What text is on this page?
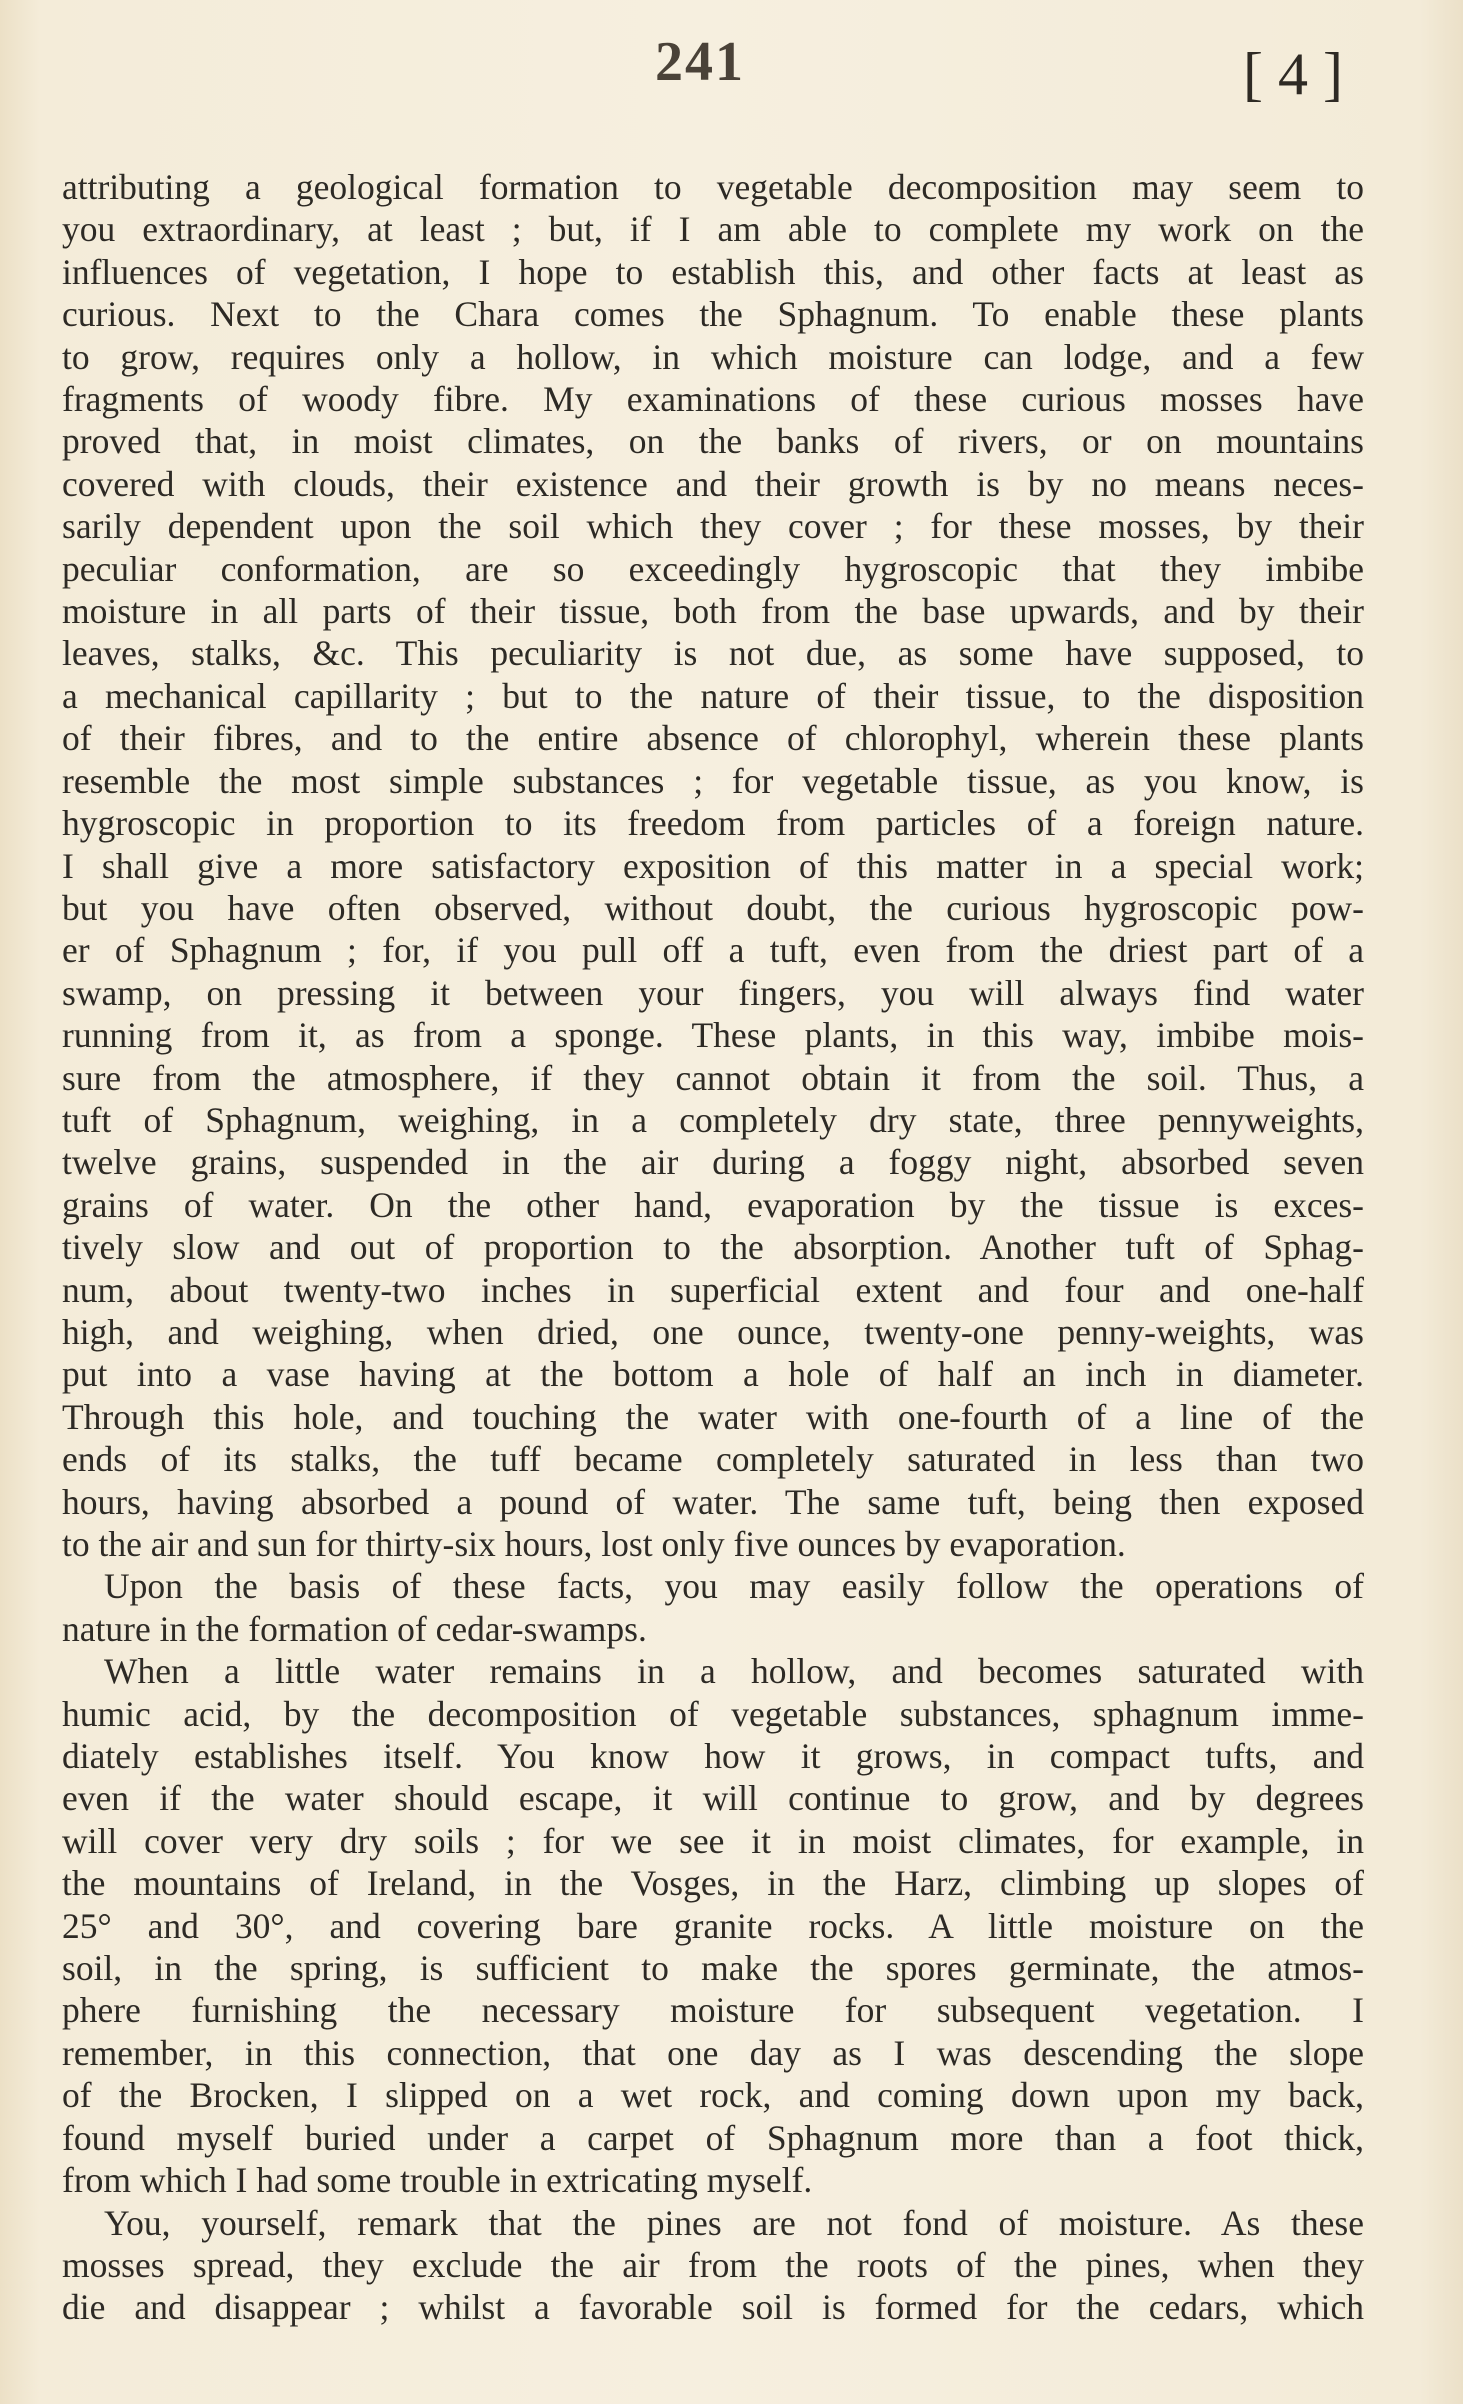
241	[ 4 ]
attributing a geological formation to vegetable decomposition may seem to
you extraordinary, at least ; but, if I am able to complete my work on the
influences of vegetation, I hope to establish this, and other facts at least as
curious. Next to the Chara comes the Sphagnum. To enable these plants
to grow, requires only a hollow, in which moisture can lodge, and a few
fragments of woody fibre. My examinations of these curious mosses have
proved that, in moist climates, on the banks of rivers, or on mountains
covered with clouds, their existence and their growth is by no means neces-
sarily dependent upon the soil which they cover ; for these mosses, by their
peculiar conformation, are so exceedingly hygroscopic that they imbibe
moisture in all parts of their tissue, both from the base upwards, and by their
leaves, stalks, &c. This peculiarity is not due, as some have supposed, to
a mechanical capillarity ; but to the nature of their tissue, to the disposition
of their fibres, and to the entire absence of chlorophyl, wherein these plants
resemble the most simple substances ; for vegetable tissue, as you know, is
hygroscopic in proportion to its freedom from particles of a foreign nature.
I shall give a more satisfactory exposition of this matter in a special work;
but you have often observed, without doubt, the curious hygroscopic pow-
er of Sphagnum ; for, if you pull off a tuft, even from the driest part of a
swamp, on pressing it between your fingers, you will always find water
running from it, as from a sponge. These plants, in this way, imbibe mois-
sure from the atmosphere, if they cannot obtain it from the soil. Thus, a
tuft of Sphagnum, weighing, in a completely dry state, three pennyweights,
twelve grains, suspended in the air during a foggy night, absorbed seven
grains of water. On the other hand, evaporation by the tissue is exces-
tively slow and out of proportion to the absorption. Another tuft of Sphag-
num, about twenty-two inches in superficial extent and four and one-half
high, and weighing, when dried, one ounce, twenty-one penny-weights, was
put into a vase having at the bottom a hole of half an inch in diameter.
Through this hole, and touching the water with one-fourth of a line of the
ends of its stalks, the tuff became completely saturated in less than two
hours, having absorbed a pound of water. The same tuft, being then exposed
to the air and sun for thirty-six hours, lost only five ounces by evaporation.
Upon the basis of these facts, you may easily follow the operations of
nature in the formation of cedar-swamps.
When a little water remains in a hollow, and becomes saturated with
humic acid, by the decomposition of vegetable substances, sphagnum imme-
diately establishes itself. You know how it grows, in compact tufts, and
even if the water should escape, it will continue to grow, and by degrees
will cover very dry soils ; for we see it in moist climates, for example, in
the mountains of Ireland, in the Vosges, in the Harz, climbing up slopes of
25° and 30°, and covering bare granite rocks. A little moisture on the
soil, in the spring, is sufficient to make the spores germinate, the atmos-
phere furnishing the necessary moisture for subsequent vegetation. I
remember, in this connection, that one day as I was descending the slope
of the Brocken, I slipped on a wet rock, and coming down upon my back,
found myself buried under a carpet of Sphagnum more than a foot thick,
from which I had some trouble in extricating myself.
You, yourself, remark that the pines are not fond of moisture. As these
mosses spread, they exclude the air from the roots of the pines, when they
die and disappear ; whilst a favorable soil is formed for the cedars, which
